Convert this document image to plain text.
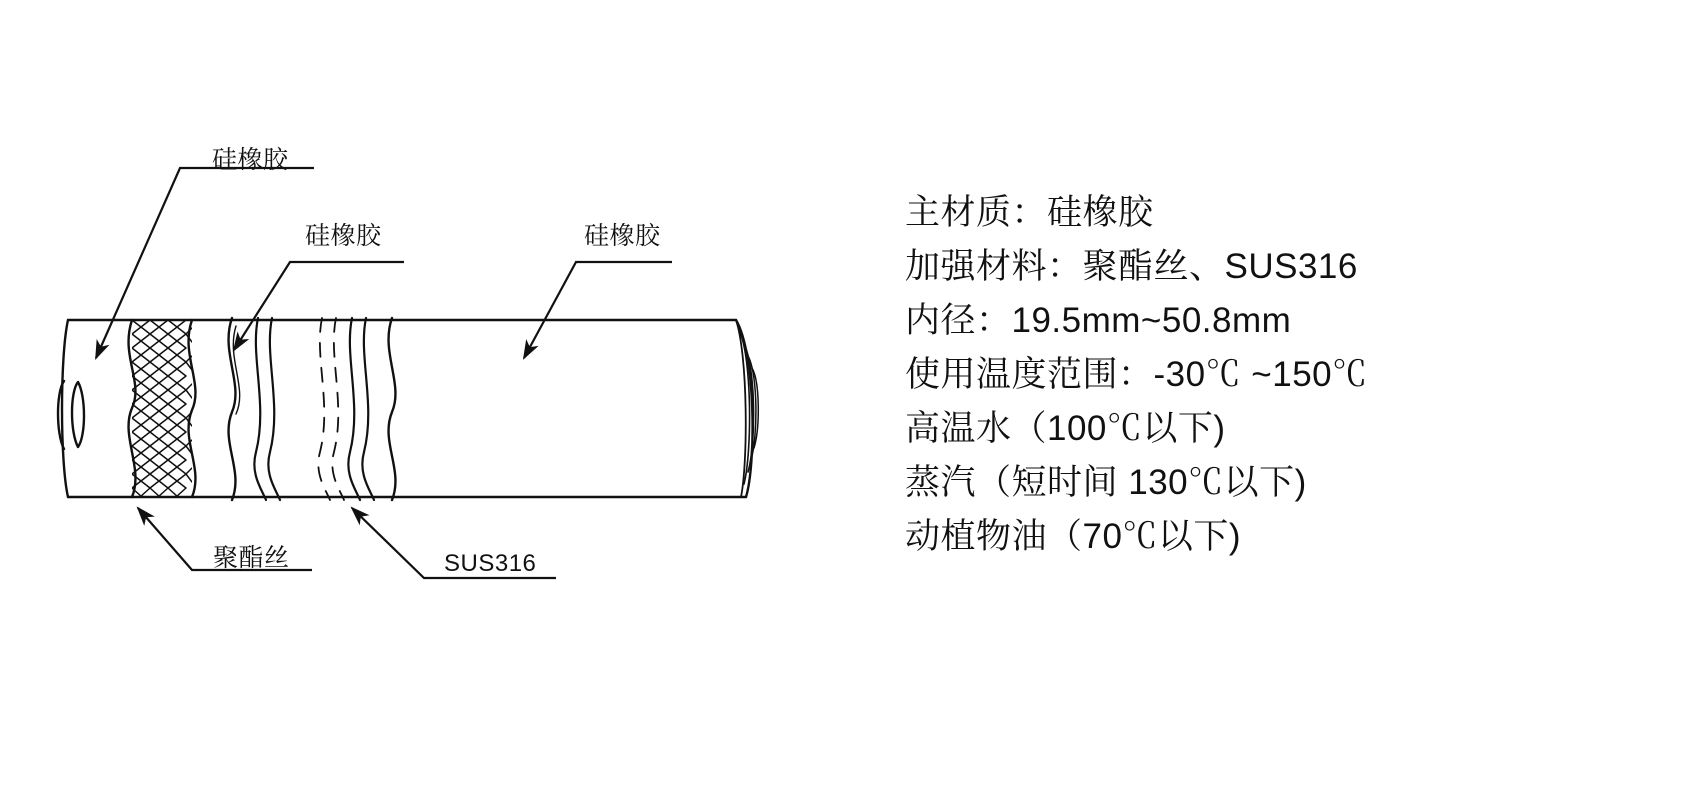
硅橡胶
硅橡胶	硅橡胶
聚酯丝	SUS316
主材质：硅橡胶
加强材料：聚酯丝、SUS316
内径：19.5mm~50.8mm
使用温度范围：-30℃ ~150℃
高温水（100℃以下)
蒸汽（短时间 130℃以下)
动植物油（70℃以下)
